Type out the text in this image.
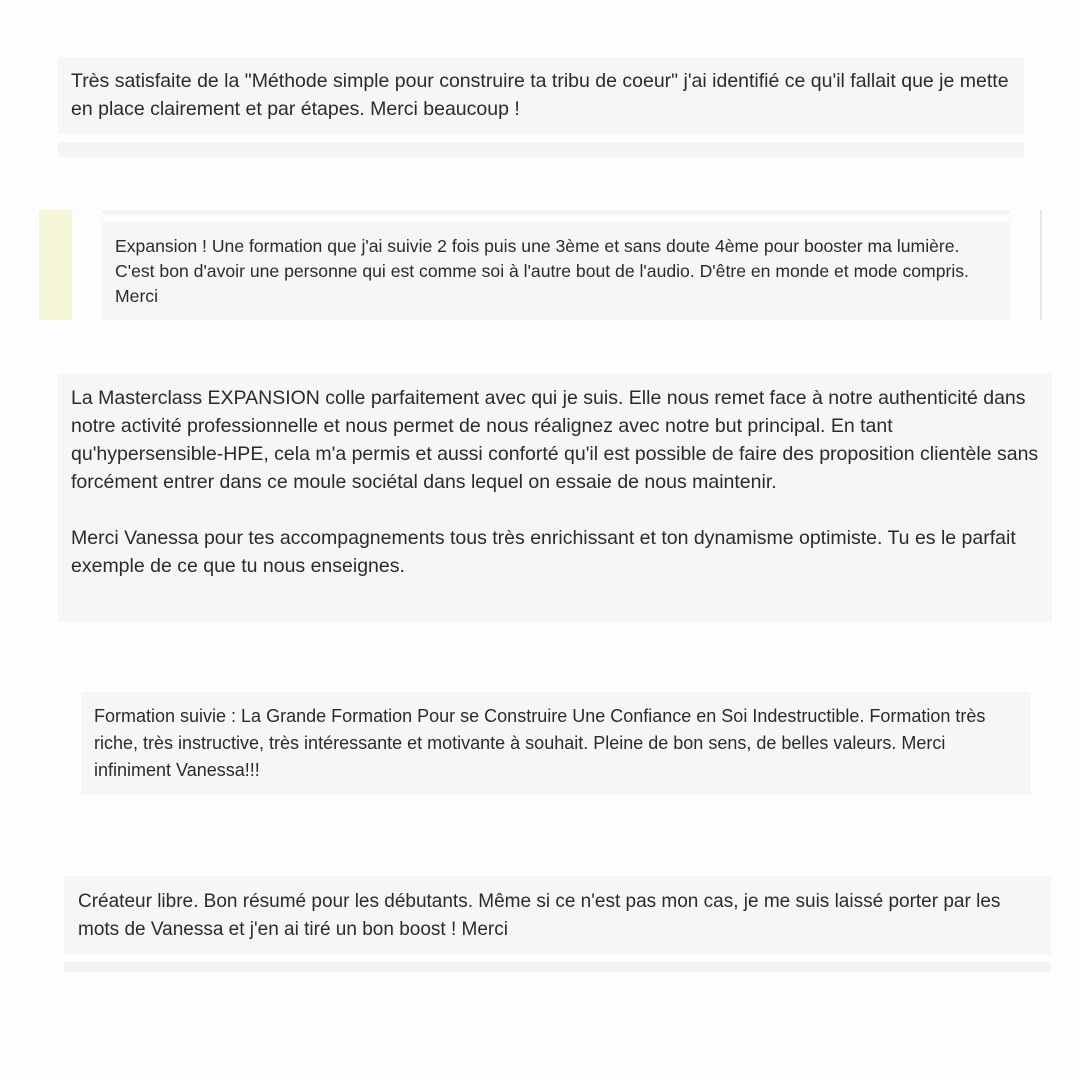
Très satisfaite de la "Méthode simple pour construire ta tribu de coeur" j'ai identifié ce qu'il fallait que je mette en place clairement et par étapes. Merci beaucoup !

Expansion ! Une formation que j'ai suivie 2 fois puis une 3ème et sans doute 4ème pour booster ma lumière. C'est bon d'avoir une personne qui est comme soi à l'autre bout de l'audio. D'être en monde et mode compris. Merci

La Masterclass EXPANSION colle parfaitement avec qui je suis. Elle nous remet face à notre authenticité dans notre activité professionnelle et nous permet de nous réalignez avec notre but principal. En tant qu'hypersensible-HPE, cela m'a permis et aussi conforté qu'il est possible de faire des proposition clientèle sans forcément entrer dans ce moule sociétal dans lequel on essaie de nous maintenir.

Merci Vanessa pour tes accompagnements tous très enrichissant et ton dynamisme optimiste. Tu es le parfait exemple de ce que tu nous enseignes.

Formation suivie : La Grande Formation Pour se Construire Une Confiance en Soi Indestructible. Formation très riche, très instructive, très intéressante et motivante à souhait. Pleine de bon sens, de belles valeurs. Merci infiniment Vanessa!!!

Créateur libre. Bon résumé pour les débutants. Même si ce n'est pas mon cas, je me suis laissé porter par les mots de Vanessa et j'en ai tiré un bon boost ! Merci
